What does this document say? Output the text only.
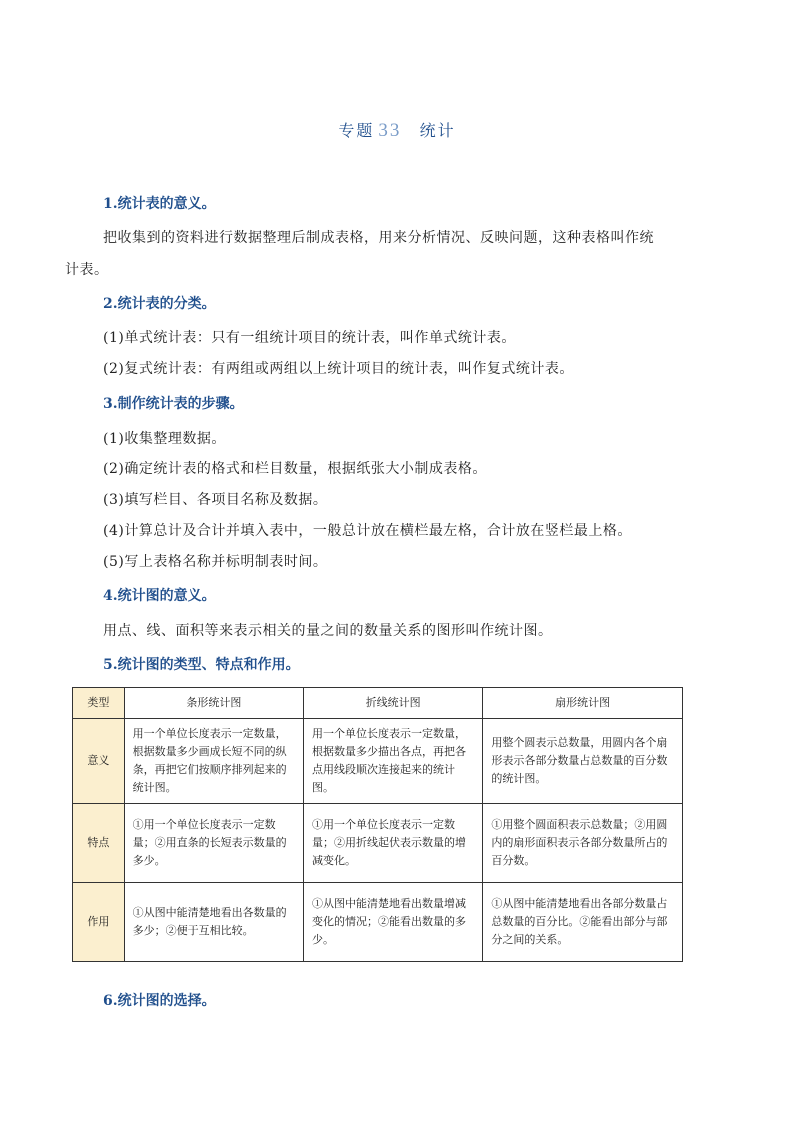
专题 33 统计
1.统计表的意义。
把收集到的资料进行数据整理后制成表格，用来分析情况、反映问题，这种表格叫作统
计表。
2.统计表的分类。
(1)单式统计表：只有一组统计项目的统计表，叫作单式统计表。
(2)复式统计表：有两组或两组以上统计项目的统计表，叫作复式统计表。
3.制作统计表的步骤。
(1)收集整理数据。
(2)确定统计表的格式和栏目数量，根据纸张大小制成表格。
(3)填写栏目、各项目名称及数据。
(4)计算总计及合计并填入表中，一般总计放在横栏最左格，合计放在竖栏最上格。
(5)写上表格名称并标明制表时间。
4.统计图的意义。
用点、线、面积等来表示相关的量之间的数量关系的图形叫作统计图。
5.统计图的类型、特点和作用。
类型	条形统计图	折线统计图	扇形统计图
意义	用一个单位长度表示一定数量，根据数量多少画成长短不同的纵条，再把它们按顺序排列起来的统计图。	用一个单位长度表示一定数量，根据数量多少描出各点，再把各点用线段顺次连接起来的统计图。	用整个圆表示总数量，用圆内各个扇形表示各部分数量占总数量的百分数的统计图。
特点	①用一个单位长度表示一定数量；②用直条的长短表示数量的多少。	①用一个单位长度表示一定数量；②用折线起伏表示数量的增减变化。	①用整个圆面积表示总数量；②用圆内的扇形面积表示各部分数量所占的百分数。
作用	①从图中能清楚地看出各数量的多少；②便于互相比较。	①从图中能清楚地看出数量增减变化的情况；②能看出数量的多少。	①从图中能清楚地看出各部分数量占总数量的百分比。②能看出部分与部分之间的关系。
6.统计图的选择。
